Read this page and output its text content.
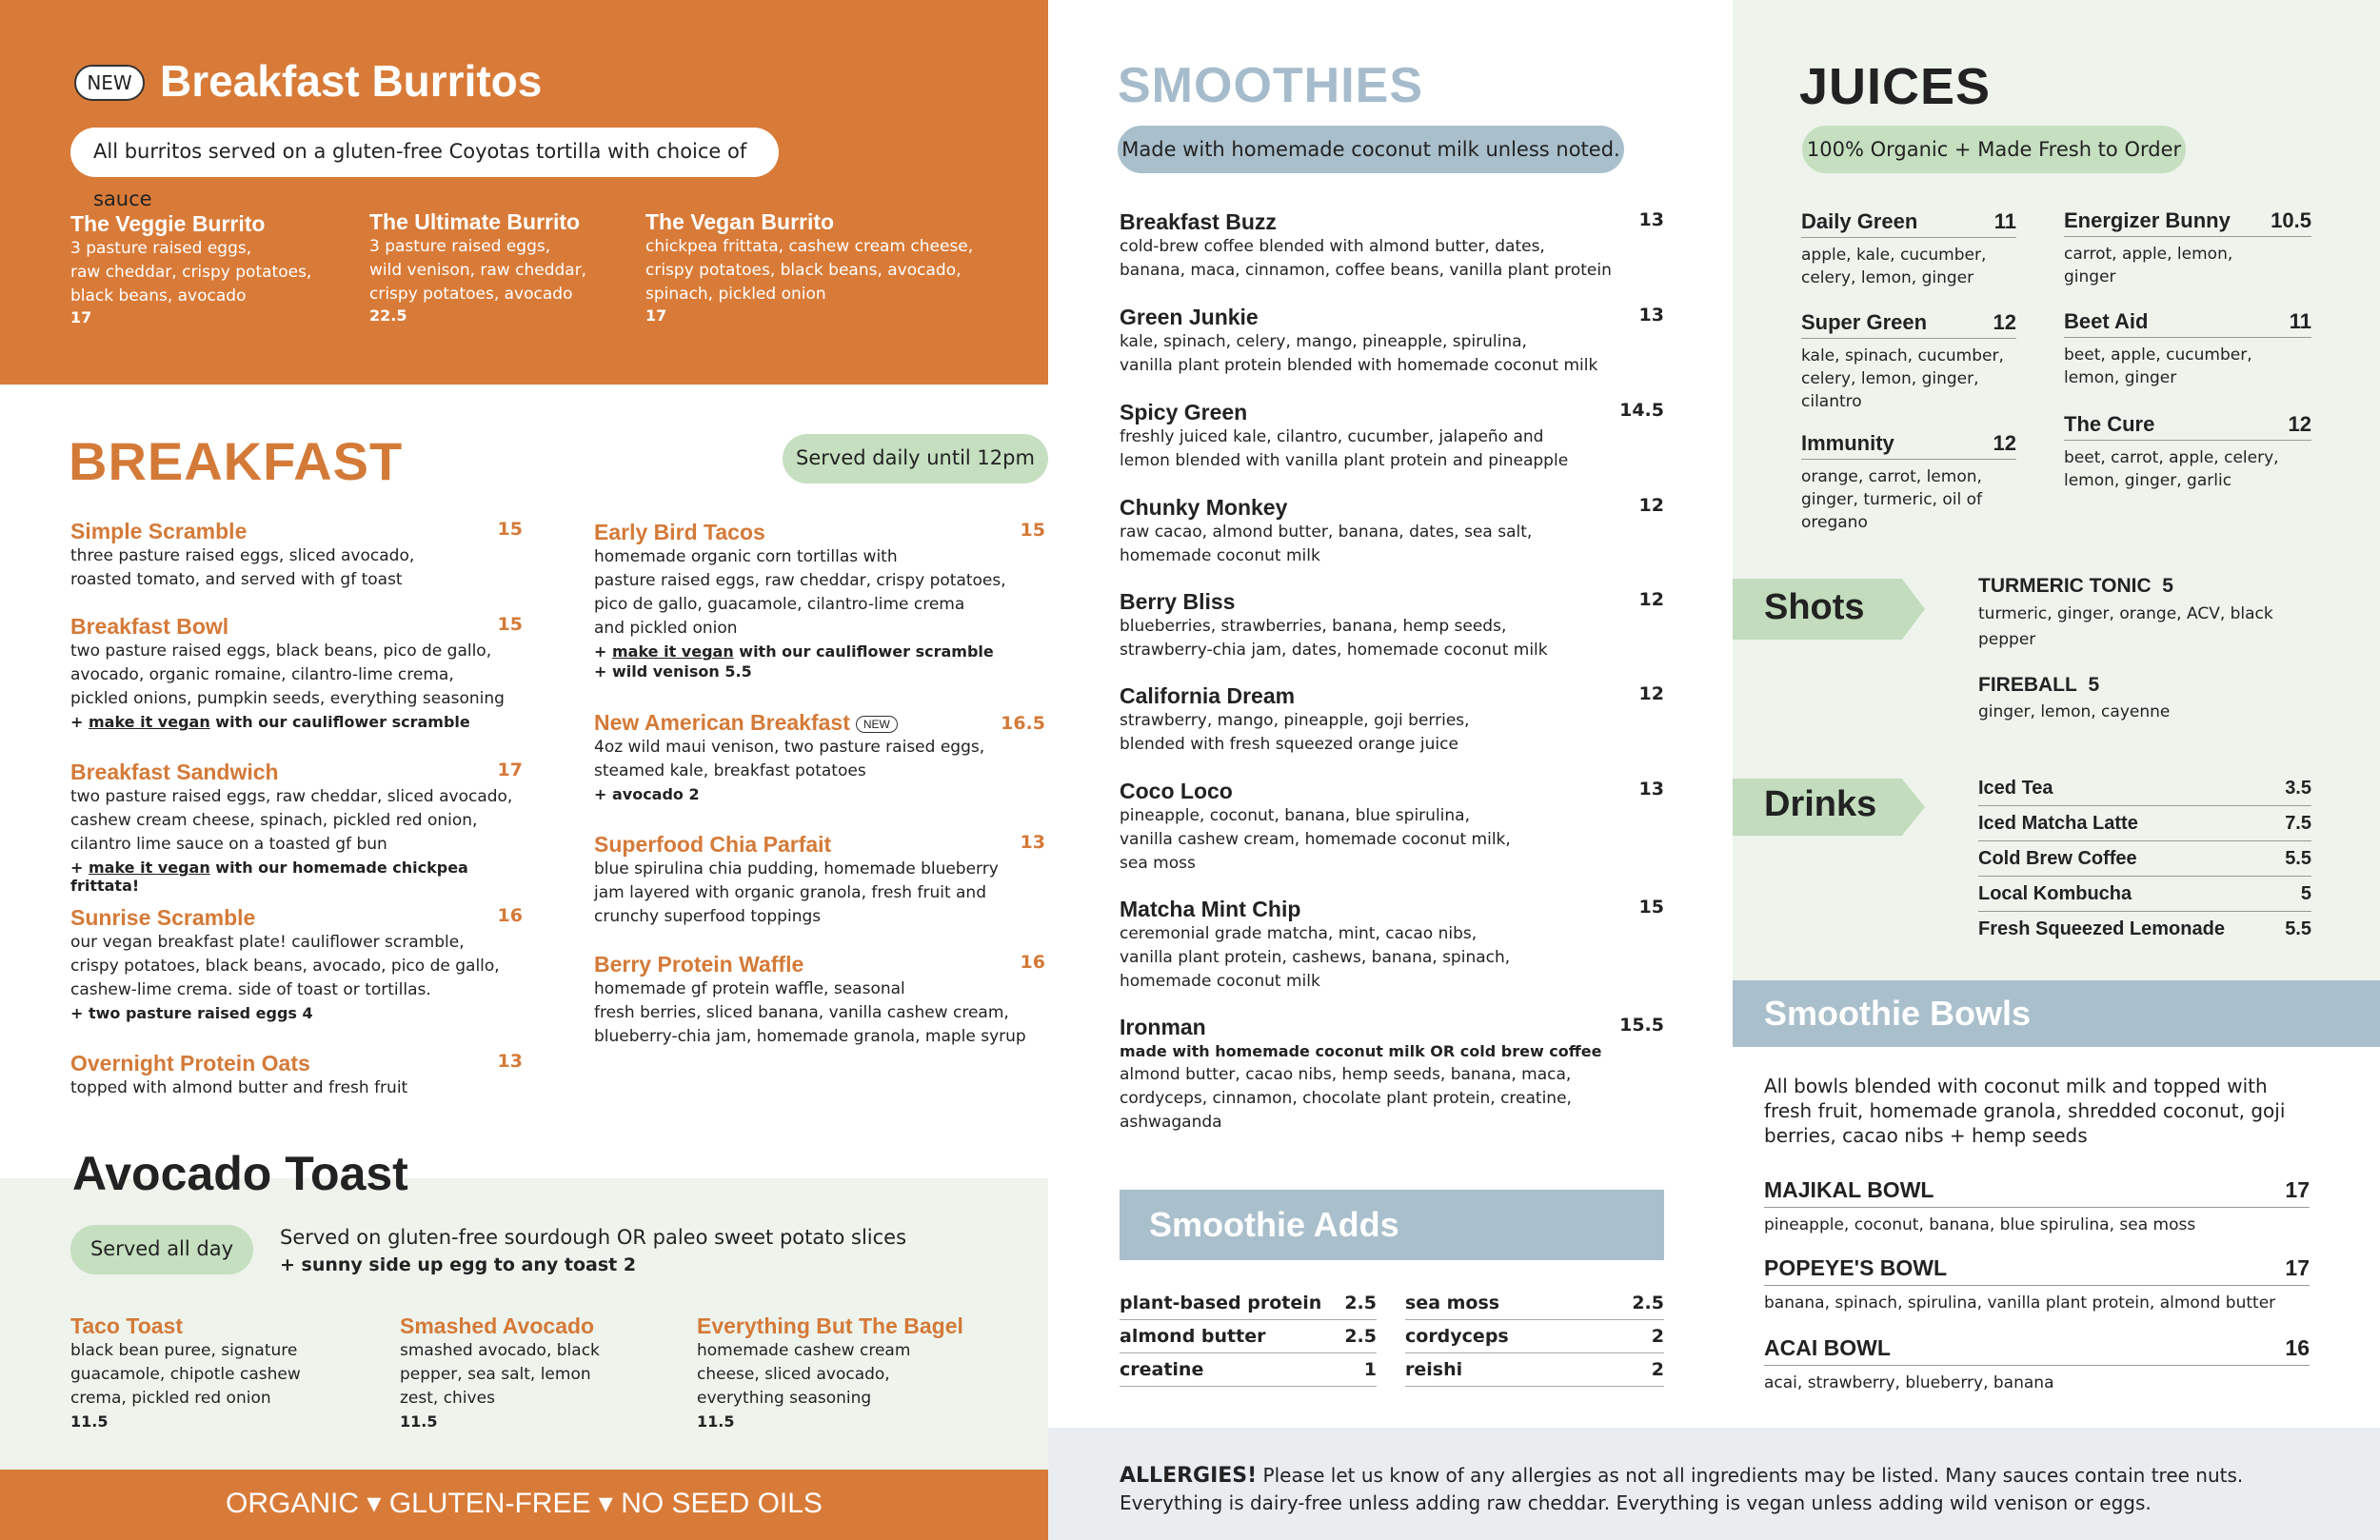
NEW Breakfast Burritos
All burritos served on a gluten-free Coyotas tortilla with choice of sauce
The Veggie Burrito
3 pasture raised eggs,
raw cheddar, crispy potatoes,
black beans, avocado
17
The Ultimate Burrito
3 pasture raised eggs,
wild venison, raw cheddar,
crispy potatoes, avocado
22.5
The Vegan Burrito
chickpea frittata, cashew cream cheese,
crispy potatoes, black beans, avocado,
spinach, pickled onion
17
BREAKFAST	Served daily until 12pm
Simple Scramble	15
three pasture raised eggs, sliced avocado,
roasted tomato, and served with gf toast
Breakfast Bowl	15
two pasture raised eggs, black beans, pico de gallo,
avocado, organic romaine, cilantro-lime crema,
pickled onions, pumpkin seeds, everything seasoning
+ make it vegan with our cauliflower scramble
Breakfast Sandwich	17
two pasture raised eggs, raw cheddar, sliced avocado,
cashew cream cheese, spinach, pickled red onion,
cilantro lime sauce on a toasted gf bun
+ make it vegan with our homemade chickpea frittata!
Sunrise Scramble	16
our vegan breakfast plate! cauliflower scramble,
crispy potatoes, black beans, avocado, pico de gallo,
cashew-lime crema. side of toast or tortillas.
+ two pasture raised eggs 4
Overnight Protein Oats	13
topped with almond butter and fresh fruit
Early Bird Tacos	15
homemade organic corn tortillas with
pasture raised eggs, raw cheddar, crispy potatoes,
pico de gallo, guacamole, cilantro-lime crema
and pickled onion
+ make it vegan with our cauliflower scramble
+ wild venison 5.5
New American Breakfast NEW	16.5
4oz wild maui venison, two pasture raised eggs,
steamed kale, breakfast potatoes
+ avocado 2
Superfood Chia Parfait	13
blue spirulina chia pudding, homemade blueberry
jam layered with organic granola, fresh fruit and
crunchy superfood toppings
Berry Protein Waffle	16
homemade gf protein waffle, seasonal
fresh berries, sliced banana, vanilla cashew cream,
blueberry-chia jam, homemade granola, maple syrup
Avocado Toast
Served all day	Served on gluten-free sourdough OR paleo sweet potato slices
+ sunny side up egg to any toast 2
Taco Toast
black bean puree, signature
guacamole, chipotle cashew
crema, pickled red onion
11.5
Smashed Avocado
smashed avocado, black
pepper, sea salt, lemon
zest, chives
11.5
Everything But The Bagel
homemade cashew cream
cheese, sliced avocado,
everything seasoning
11.5
ORGANIC ▾ GLUTEN-FREE ▾ NO SEED OILS
SMOOTHIES
Made with homemade coconut milk unless noted.
Breakfast Buzz	13
cold-brew coffee blended with almond butter, dates,
banana, maca, cinnamon, coffee beans, vanilla plant protein
Green Junkie	13
kale, spinach, celery, mango, pineapple, spirulina,
vanilla plant protein blended with homemade coconut milk
Spicy Green	14.5
freshly juiced kale, cilantro, cucumber, jalapeño and
lemon blended with vanilla plant protein and pineapple
Chunky Monkey	12
raw cacao, almond butter, banana, dates, sea salt,
homemade coconut milk
Berry Bliss	12
blueberries, strawberries, banana, hemp seeds,
strawberry-chia jam, dates, homemade coconut milk
California Dream	12
strawberry, mango, pineapple, goji berries,
blended with fresh squeezed orange juice
Coco Loco	13
pineapple, coconut, banana, blue spirulina,
vanilla cashew cream, homemade coconut milk,
sea moss
Matcha Mint Chip	15
ceremonial grade matcha, mint, cacao nibs,
vanilla plant protein, cashews, banana, spinach,
homemade coconut milk
Ironman	15.5
made with homemade coconut milk OR cold brew coffee
almond butter, cacao nibs, hemp seeds, banana, maca,
cordyceps, cinnamon, chocolate plant protein, creatine,
ashwaganda
Smoothie Adds
plant-based protein 2.5
almond butter	2.5
creatine	1
sea moss	2.5
cordyceps	2
reishi	2
JUICES
100% Organic + Made Fresh to Order
Daily Green	11
apple, kale, cucumber,
celery, lemon, ginger
Super Green	12
kale, spinach, cucumber,
celery, lemon, ginger,
cilantro
Immunity	12
orange, carrot, lemon,
ginger, turmeric, oil of
oregano
Energizer Bunny 10.5
carrot, apple, lemon,
ginger
Beet Aid	11
beet, apple, cucumber,
lemon, ginger
The Cure	12
beet, carrot, apple, celery,
lemon, ginger, garlic
Shots
TURMERIC TONIC 5
turmeric, ginger, orange, ACV, black
pepper
FIREBALL 5
ginger, lemon, cayenne
Drinks	Iced Tea	3.5
Iced Matcha Latte	7.5
Cold Brew Coffee	5.5
Local Kombucha	5
Fresh Squeezed Lemonade	5.5
Smoothie Bowls
All bowls blended with coconut milk and topped with
fresh fruit, homemade granola, shredded coconut, goji
berries, cacao nibs + hemp seeds
MAJIKAL BOWL	17
pineapple, coconut, banana, blue spirulina, sea moss
POPEYE'S BOWL	17
banana, spinach, spirulina, vanilla plant protein, almond butter
ACAI BOWL	16
acai, strawberry, blueberry, banana
ALLERGIES! Please let us know of any allergies as not all ingredients may be listed. Many sauces contain tree nuts.
Everything is dairy-free unless adding raw cheddar. Everything is vegan unless adding wild venison or eggs.
